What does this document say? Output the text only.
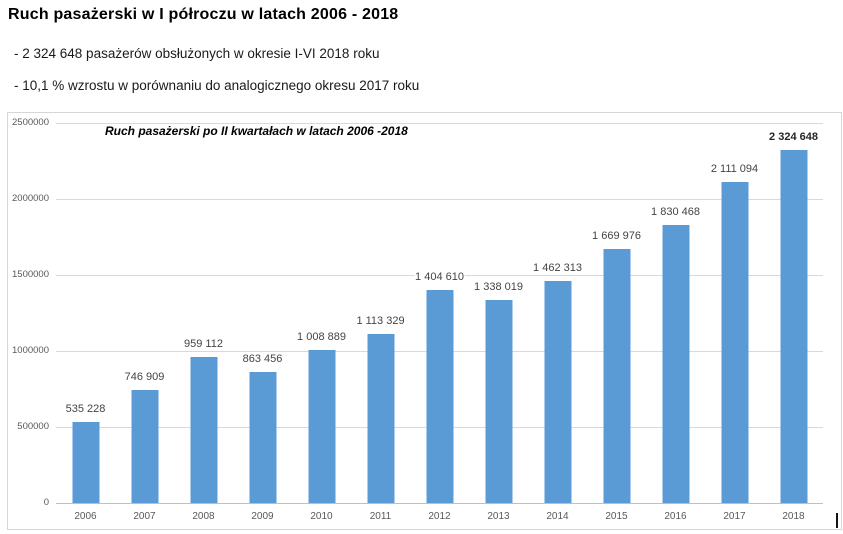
Ruch pasażerski w I półroczu w latach 2006 - 2018
- 2 324 648 pasażerów obsłużonych w okresie I-VI 2018 roku
- 10,1 % wzrostu w porównaniu do analogicznego okresu 2017 roku
Ruch pasażerski po II kwartałach w latach 2006 -2018
0
500000
1000000
1500000
2000000
2500000
535 228
746 909
959 112
863 456
1 008 889
1 113 329
1 404 610
1 338 019
1 462 313
1 669 976
1 830 468
2 111 094
2 324 648
2006	2007	2008	2009	2010	2011	2012	2013	2014	2015	2016	2017	2018
